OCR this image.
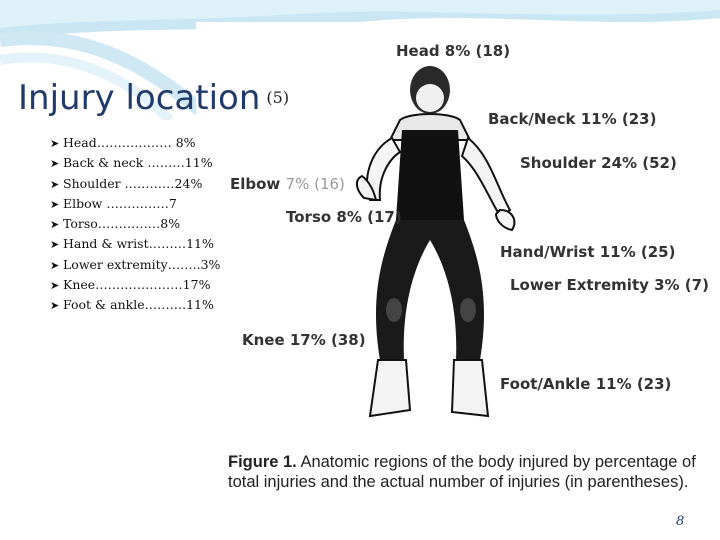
Injury location $^{(5)}$
➤ Head……………… 8%
➤ Back & neck ………11%
➤ Shoulder …………24%
➤ Elbow ……………7
➤ Torso……………8%
➤ Hand & wrist………11%
➤ Lower extremity……..3%
➤ Knee…………………17%
➤ Foot & ankle……….11%
Head 8% (18)
Back/Neck 11% (23)
Shoulder 24% (52)
Elbow 7% (16)
Torso 8% (17)
Hand/Wrist 11% (25)
Lower Extremity 3% (7)
Knee 17% (38)
Foot/Ankle 11% (23)
Figure 1. Anatomic regions of the body injured by percentage of total injuries and the actual number of injuries (in parentheses).
8
